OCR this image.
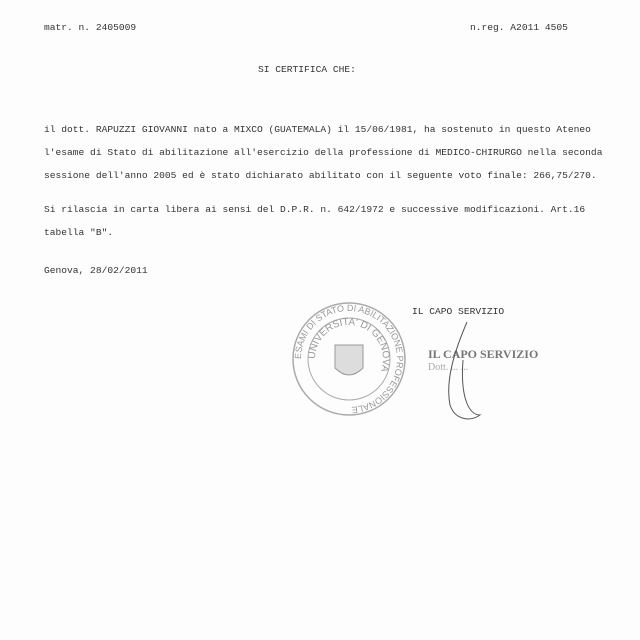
matr. n. 2405009	n.reg. A2011 4505
SI CERTIFICA CHE:
il dott. RAPUZZI GIOVANNI nato a MIXCO (GUATEMALA) il 15/06/1981, ha sostenuto in questo Ateneo
l'esame di Stato di abilitazione all'esercizio della professione di MEDICO-CHIRURGO nella seconda
sessione dell'anno 2005 ed è stato dichiarato abilitato con il seguente voto finale: 266,75/270.
Si rilascia in carta libera ai sensi del D.P.R. n. 642/1972 e successive modificazioni. Art.16
tabella "B".
Genova, 28/02/2011
IL CAPO SERVIZIO
ESAMI DI STATO DI ABILITAZIONE PROFESSIONALE
UNIVERSITA' DI GENOVA
IL CAPO SERVIZIO
Dott. ... ...
